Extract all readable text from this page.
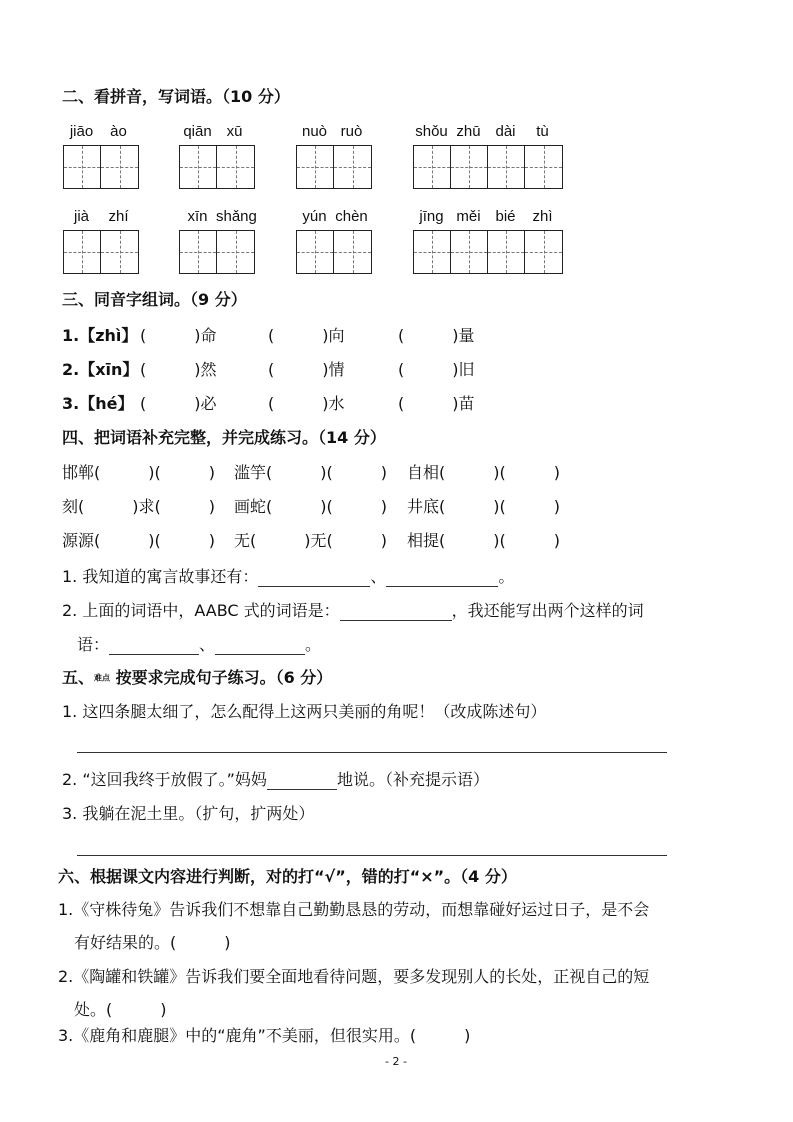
二、看拼音，写词语。（10 分）
jiāo	ào	qiān xū	nuò ruò	shǒu zhū dài	tù
jià	zhí	xīn shǎng	yún chèn	jīng měi bié	zhì
三、同音字组词。（9 分）
1.【zhì】 (　　　)命	(　　　)向	(　　　)量
2.【xīn】 (　　　)然	(　　　)情	(　　　)旧
3.【hé】 (　　　)必	(　　　)水	(　　　)苗
四、把词语补充完整，并完成练习。（14 分）
邯郸(　　　)(　　　) 滥竽(　　　)(　　　) 自相(　　　)(　　　)
刻(　　　)求(　　　) 画蛇(　　　)(　　　) 井底(　　　)(　　　)
源源(　　　)(　　　) 无(　　　)无(　　　) 相提(　　　)(　　　)
1. 我知道的寓言故事还有：	、	。
2. 上面的词语中，AABC 式的词语是：	，我还能写出两个这样的词
语：	、	。
五、难点 按要求完成句子练习。（6 分）
1. 这四条腿太细了，怎么配得上这两只美丽的角呢！（改成陈述句）
2. “这回我终于放假了。”妈妈	地说。（补充提示语）
3. 我躺在泥土里。（扩句，扩两处）
六、根据课文内容进行判断，对的打“√”，错的打“×”。（4 分）
1.《守株待兔》告诉我们不想靠自己勤勤恳恳的劳动，而想靠碰好运过日子，是不会
有好结果的。(　　　)
2.《陶罐和铁罐》告诉我们要全面地看待问题，要多发现别人的长处，正视自己的短
处。(　　　)
3.《鹿角和鹿腿》中的“鹿角”不美丽，但很实用。(　　　)
- 2 -
